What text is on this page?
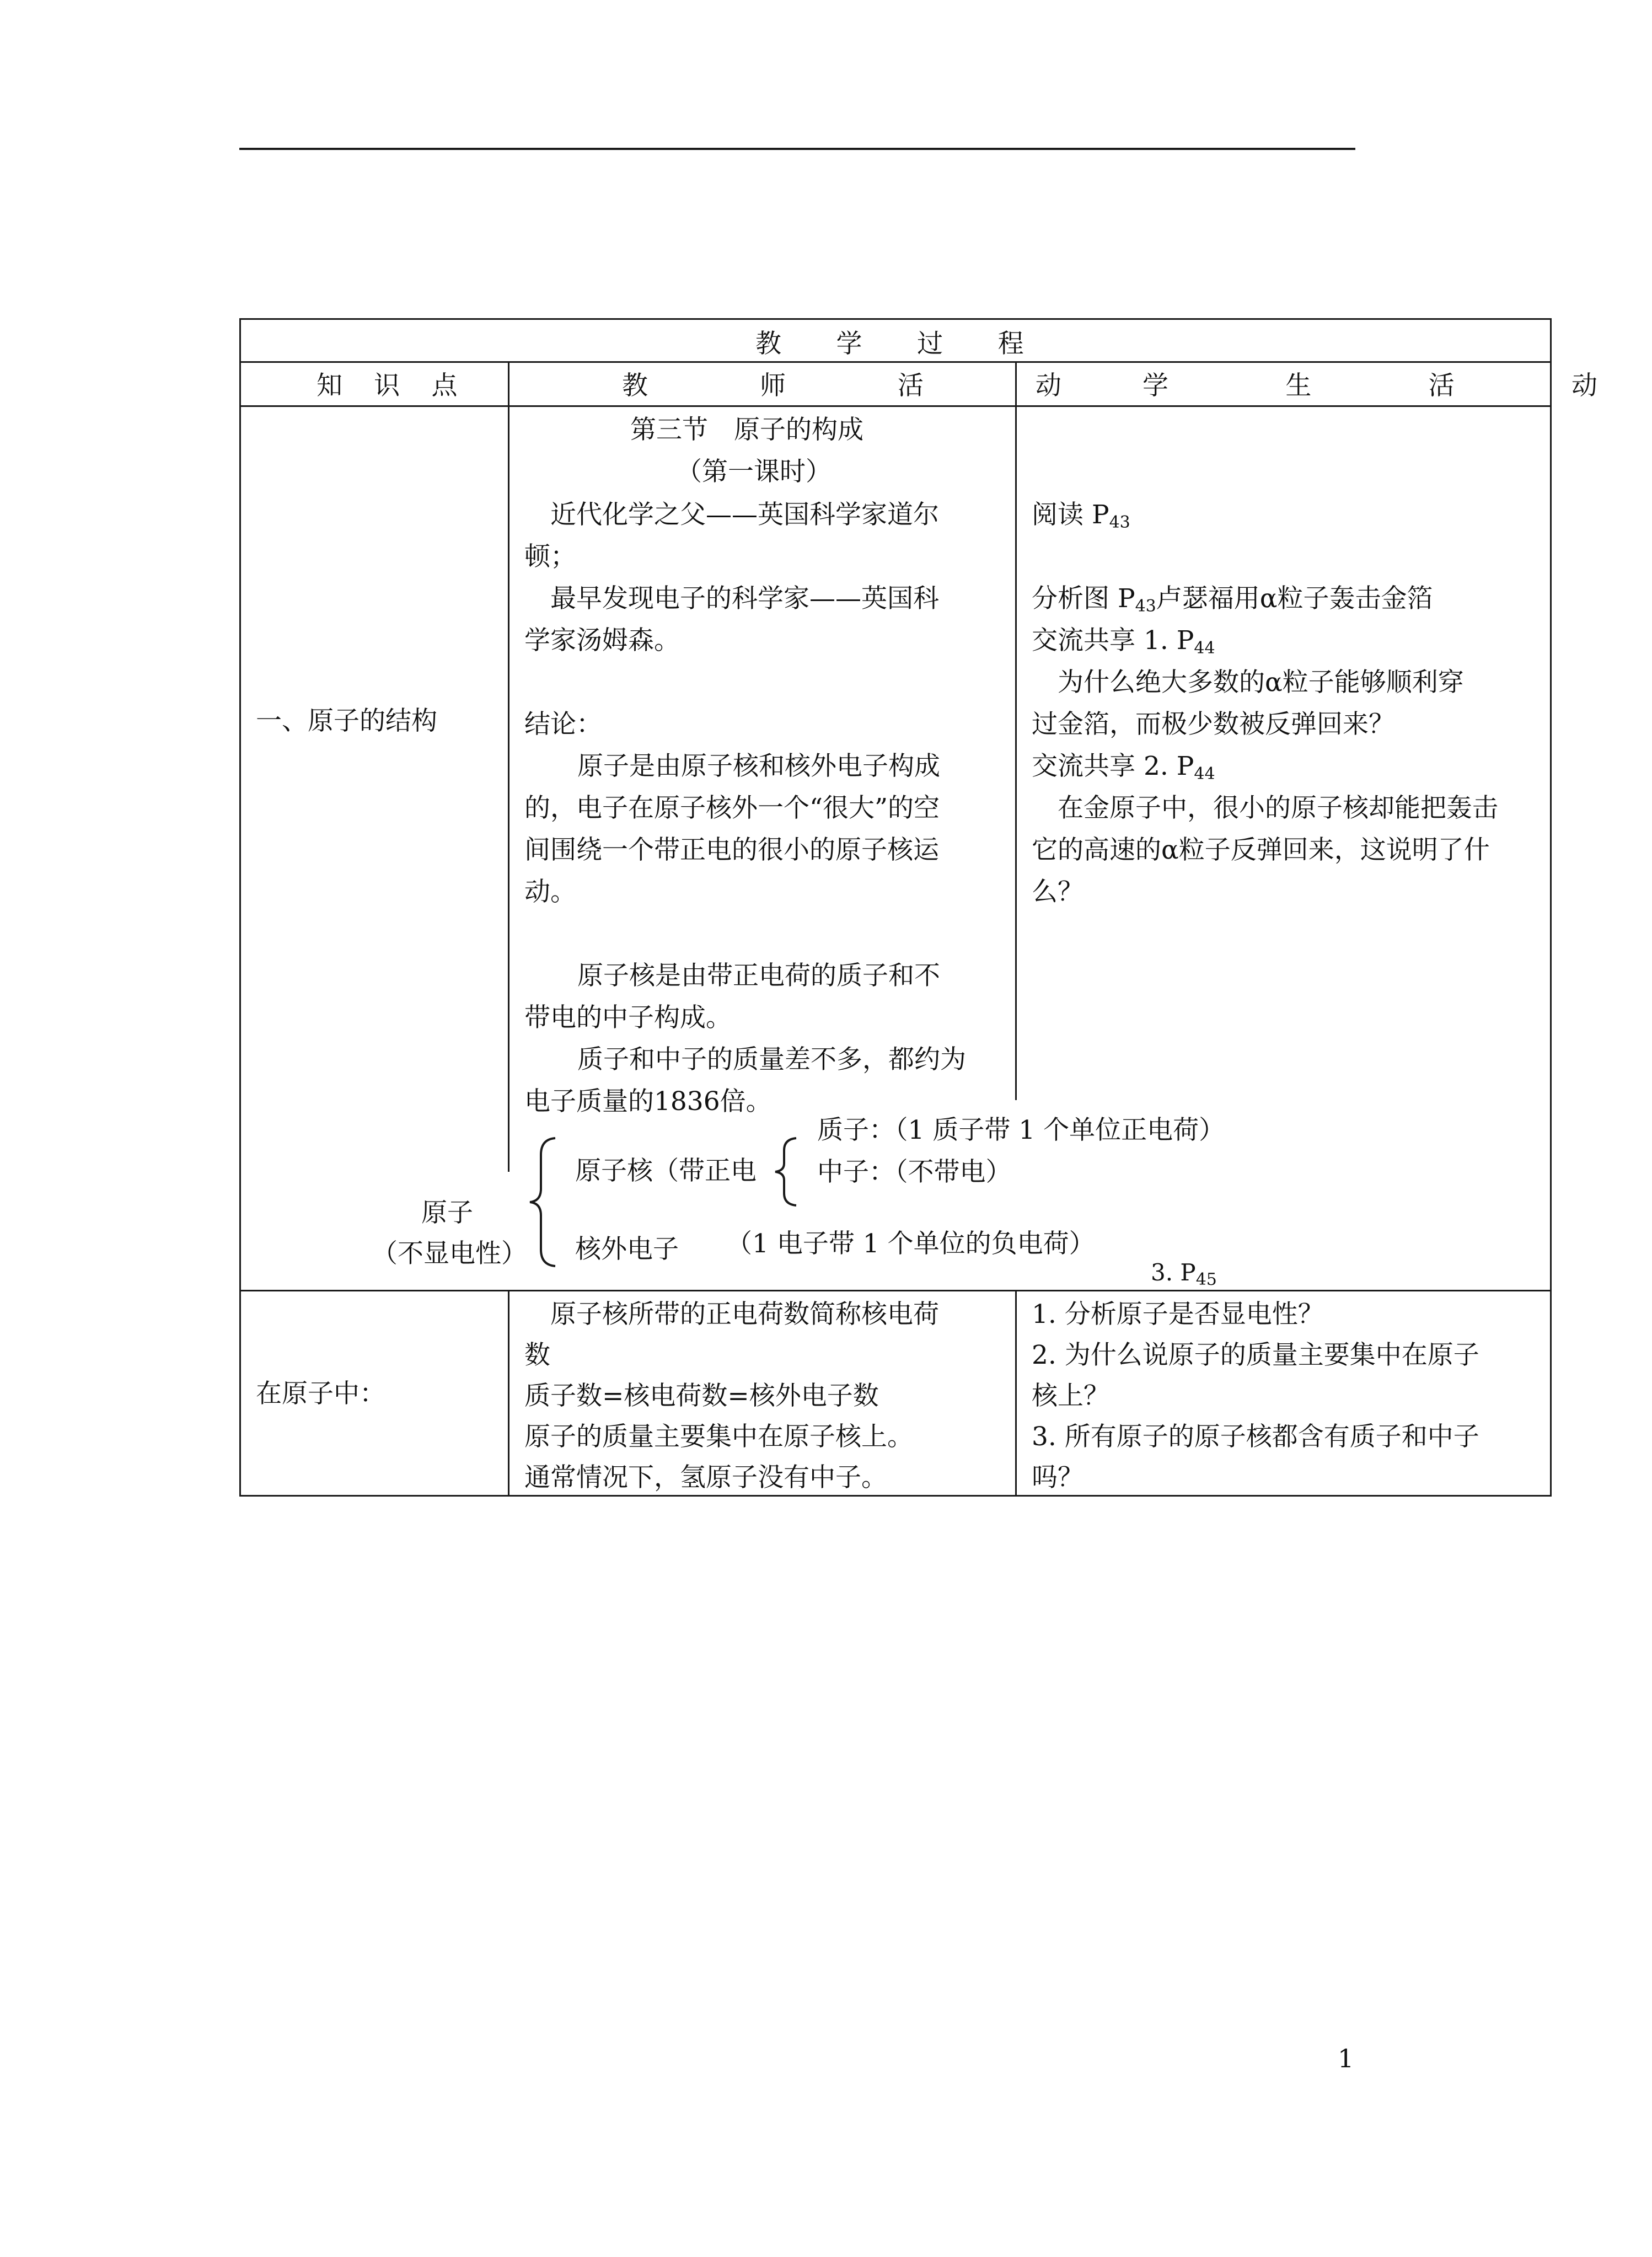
教 学 过 程
知 识 点	教 师 活 动 学 生 活 动
一、原子的结构
第三节　原子的构成
（第一课时）
近代化学之父——英国科学家道尔
顿；
最早发现电子的科学家——英国科
学家汤姆森。
结论：
原子是由原子核和核外电子构成
的，电子在原子核外一个“很大”的空
间围绕一个带正电的很小的原子核运
动。
原子核是由带正电荷的质子和不
带电的中子构成。
质子和中子的质量差不多，都约为
电子质量的1836倍。
阅读 $P_{43}$
分析图 $P_{43}$卢瑟福用α粒子轰击金箔
交流共享 1. $P_{44}$
为什么绝大多数的α粒子能够顺利穿
过金箔，而极少数被反弹回来？
交流共享 2. $P_{44}$
在金原子中，很小的原子核却能把轰击
它的高速的α粒子反弹回来，这说明了什
么？
原子
（不显电性）
原子核（带正电
质子：（1 质子带 1 个单位正电荷）
中子：（不带电）
核外电子 （1 电子带 1 个单位的负电荷）
3. $P_{45}$
在原子中：
原子核所带的正电荷数简称核电荷
数
质子数=核电荷数=核外电子数
原子的质量主要集中在原子核上。
通常情况下，氢原子没有中子。
1. 分析原子是否显电性？
2. 为什么说原子的质量主要集中在原子
核上？
3. 所有原子的原子核都含有质子和中子
吗？
1
